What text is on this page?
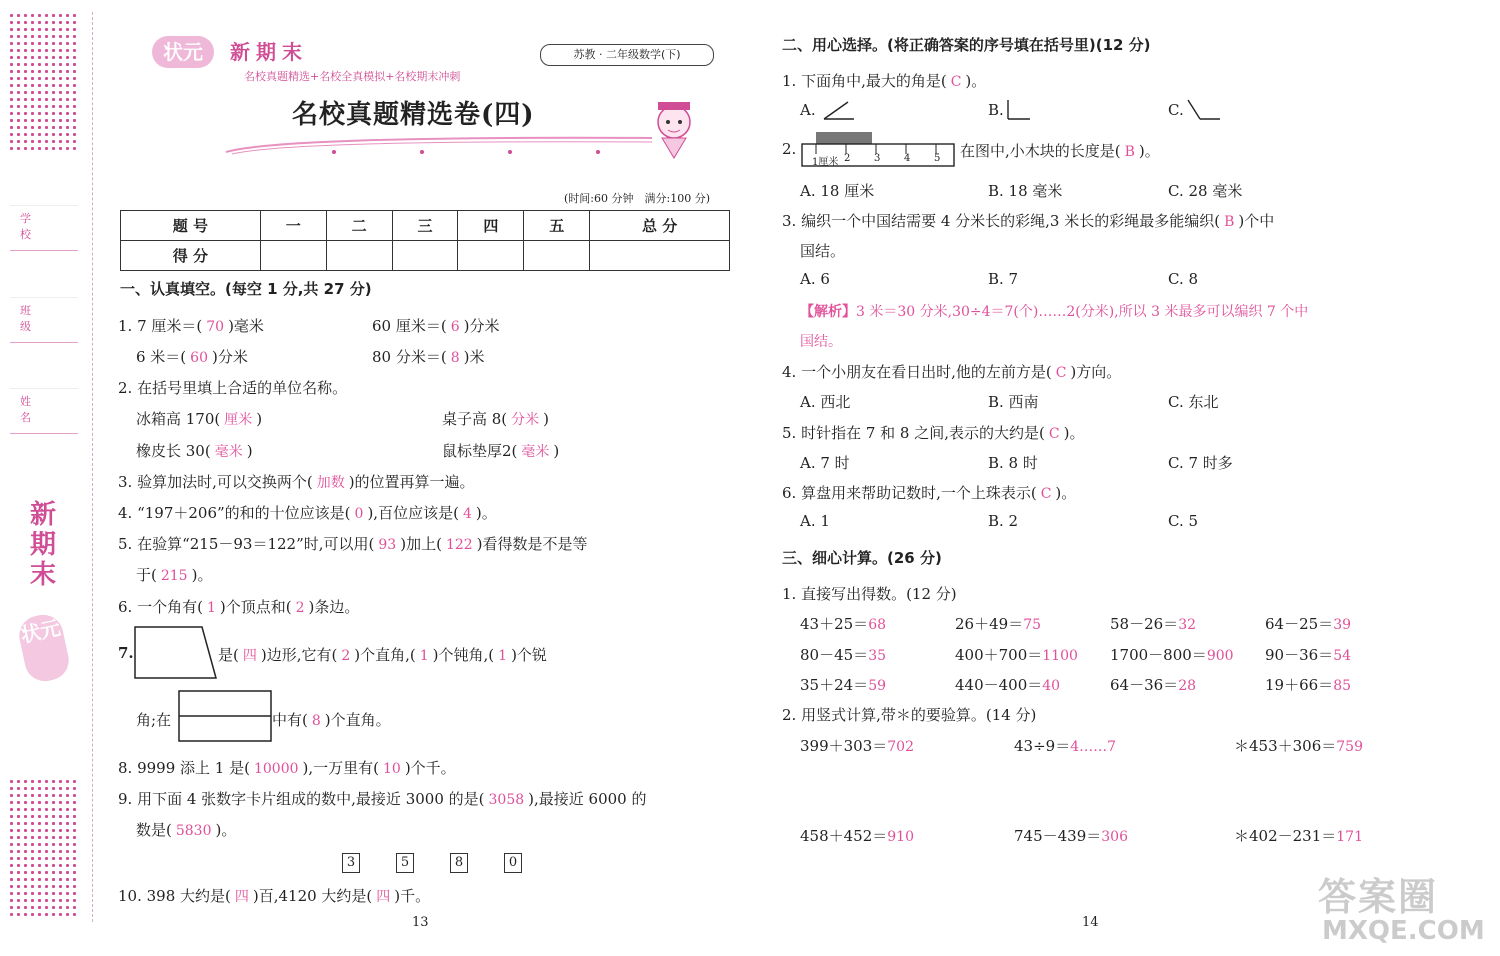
学 校
班 级
姓 名
新期末
状元
状元	新期末
名校真题精选+名校全真模拟+名校期末冲刺
苏教 · 二年级数学(下)
名校真题精选卷(四)
(时间:60 分钟　满分:100 分)
题 号	一	二	三	四	五	总 分
得 分						
一、认真填空。(每空 1 分,共 27 分)
1. 7 厘米＝( 70 )毫米	60 厘米＝( 6 )分米
6 米＝( 60 )分米	80 分米＝( 8 )米
2. 在括号里填上合适的单位名称。
冰箱高 170( 厘米 )	桌子高 8( 分米 )
橡皮长 30( 毫米 )	鼠标垫厚2( 毫米 )
3. 验算加法时,可以交换两个( 加数 )的位置再算一遍。
4. “197＋206”的和的十位应该是( 0 ),百位应该是( 4 )。
5. 在验算“215－93＝122”时,可以用( 93 )加上( 122 )看得数是不是等
于( 215 )。
6. 一个角有( 1 )个顶点和( 2 )条边。
7.	是( 四 )边形,它有( 2 )个直角,( 1 )个钝角,( 1 )个锐
角;在	中有( 8 )个直角。
8. 9999 添上 1 是( 10000 ),一万里有( 10 )个千。
9. 用下面 4 张数字卡片组成的数中,最接近 3000 的是( 3058 ),最接近 6000 的
数是( 5830 )。
3	5	8	0
10. 398 大约是( 四 )百,4120 大约是( 四 )千。
13
二、用心选择。(将正确答案的序号填在括号里)(12 分)
1. 下面角中,最大的角是( C )。
A.	B.	C.
2.
1厘米 2 3 4 5 在图中,小木块的长度是( B )。
A. 18 厘米	B. 18 毫米	C. 28 毫米
3. 编织一个中国结需要 4 分米长的彩绳,3 米长的彩绳最多能编织( B )个中
国结。
A. 6	B. 7	C. 8
【解析】3 米＝30 分米,30÷4＝7(个)……2(分米),所以 3 米最多可以编织 7 个中
国结。
4. 一个小朋友在看日出时,他的左前方是( C )方向。
A. 西北	B. 西南	C. 东北
5. 时针指在 7 和 8 之间,表示的大约是( C )。
A. 7 时	B. 8 时	C. 7 时多
6. 算盘用来帮助记数时,一个上珠表示( C )。
A. 1	B. 2	C. 5
三、细心计算。(26 分)
1. 直接写出得数。(12 分)
43＋25＝68	26＋49＝75	58－26＝32	64－25＝39
80－45＝35	400＋700＝1100 1700－800＝900 90－36＝54
35＋24＝59	440－400＝40	64－36＝28	19＋66＝85
2. 用竖式计算,带＊的要验算。(14 分)
399＋303＝702	43÷9＝4……7	＊453＋306＝759
458＋452＝910	745－439＝306	＊402－231＝171
14
答案圈
MXQE.COM
